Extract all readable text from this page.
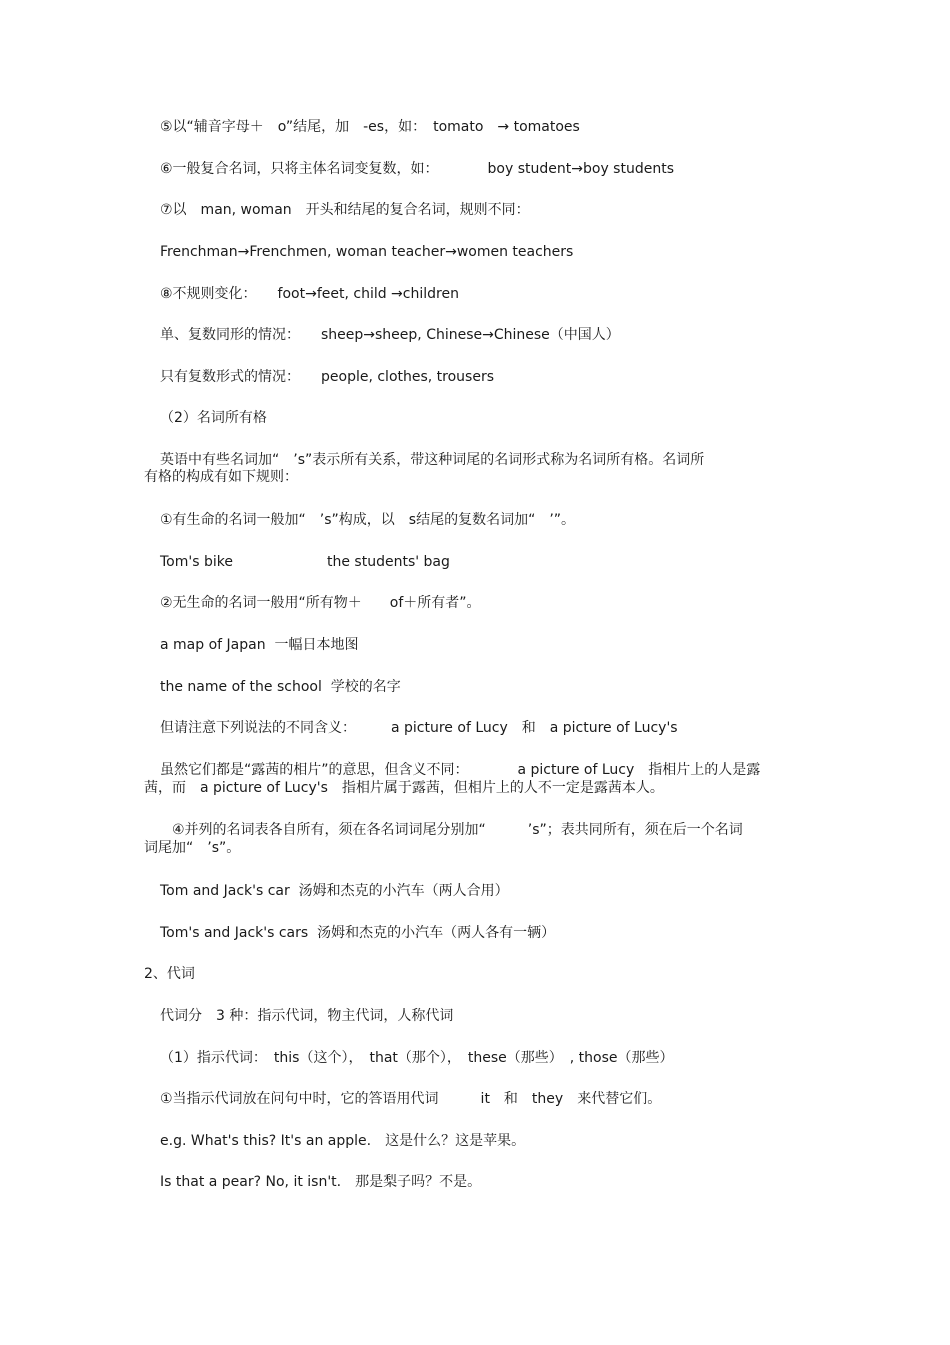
⑤以“辅音字母＋　o”结尾，加　-es，如：　tomato　→ tomatoes
⑥一般复合名词，只将主体名词变复数，如：　　　　boy student→boy students
⑦以　man, woman　开头和结尾的复合名词，规则不同：
Frenchman→Frenchmen, woman teacher→women teachers
⑧不规则变化：　　foot→feet, child →children
单、复数同形的情况：　　sheep→sheep, Chinese→Chinese（中国人）
只有复数形式的情况：　　people, clothes, trousers
（2）名词所有格
英语中有些名词加“　’s”表示所有关系，带这种词尾的名词形式称为名词所有格。名词所
有格的构成有如下规则：
①有生命的名词一般加“　’s”构成，以　s结尾的复数名词加“　’”。
Tom's bike	the students' bag
②无生命的名词一般用“所有物＋　　of＋所有者”。
a map of Japan  一幅日本地图
the name of the school  学校的名字
但请注意下列说法的不同含义：　　　a picture of Lucy　和　a picture of Lucy's
虽然它们都是“露茜的相片”的意思，但含义不同：　　　　a picture of Lucy　指相片上的人是露
茜，而　a picture of Lucy's　指相片属于露茜，但相片上的人不一定是露茜本人。
④并列的名词表各自所有，须在各名词词尾分别加“　　　’s”；表共同所有，须在后一个名词
词尾加“　’s”。
Tom and Jack's car  汤姆和杰克的小汽车（两人合用）
Tom's and Jack's cars  汤姆和杰克的小汽车（两人各有一辆）
2、代词
代词分　3 种：指示代词，物主代词，人称代词
（1）指示代词：　this（这个），　that（那个），　these（那些）　, those（那些）
①当指示代词放在问句中时，它的答语用代词　　　it　和　they　来代替它们。
e.g. What's this? It's an apple.　这是什么？这是苹果。
Is that a pear? No, it isn't.　那是梨子吗？不是。
